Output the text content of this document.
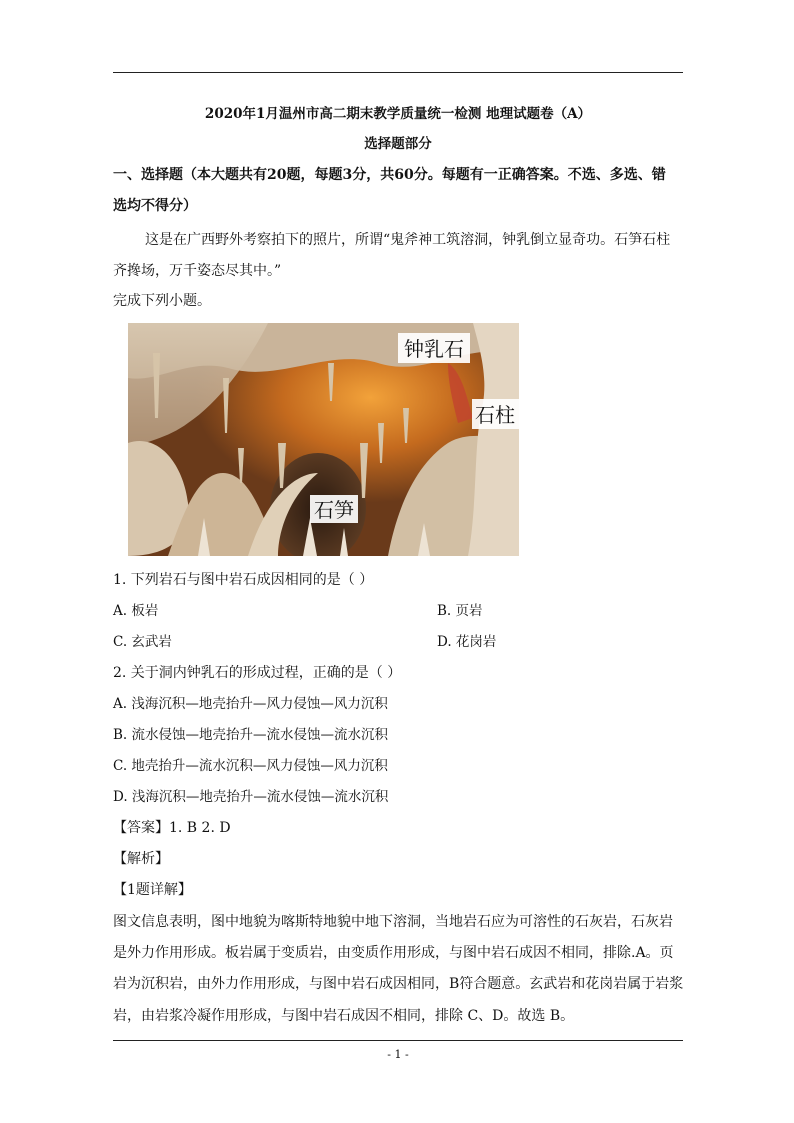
2020年1月温州市高二期末教学质量统一检测 地理试题卷（A）
选择题部分
一、选择题（本大题共有20题，每题3分，共60分。每题有一正确答案。不选、多选、错
选均不得分）
这是在广西野外考察拍下的照片，所谓“鬼斧神工筑溶洞，钟乳倒立显奇功。石笋石柱
齐搀场，万千姿态尽其中。”
完成下列小题。
钟乳石
石柱
石笋
1. 下列岩石与图中岩石成因相同的是（ ）
A. 板岩	B. 页岩
C. 玄武岩	D. 花岗岩
2. 关于洞内钟乳石的形成过程，正确的是（ ）
A. 浅海沉积—地壳抬升—风力侵蚀—风力沉积
B. 流水侵蚀—地壳抬升—流水侵蚀—流水沉积
C. 地壳抬升—流水沉积—风力侵蚀—风力沉积
D. 浅海沉积—地壳抬升—流水侵蚀—流水沉积
【答案】1. B 2. D
【解析】
【1题详解】
图文信息表明，图中地貌为喀斯特地貌中地下溶洞，当地岩石应为可溶性的石灰岩，石灰岩
是外力作用形成。板岩属于变质岩，由变质作用形成，与图中岩石成因不相同，排除.A。页
岩为沉积岩，由外力作用形成，与图中岩石成因相同，B符合题意。玄武岩和花岗岩属于岩浆
岩，由岩浆冷凝作用形成，与图中岩石成因不相同，排除 C、D。故选 B。
- 1 -
